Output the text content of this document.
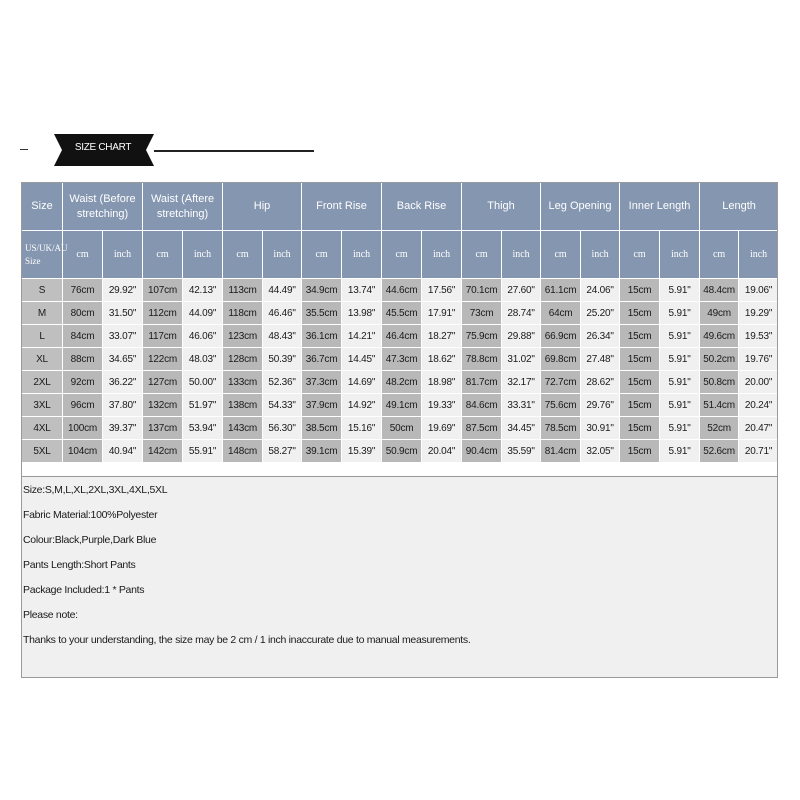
SIZE CHART
Size	Waist (Before stretching)		Waist (Aftere stretching)		Hip		Front Rise		Back Rise		Thigh		Leg Opening		Inner Length		Length	
US/UK/AU Size	cm	inch	cm	inch	cm	inch	cm	inch	cm	inch	cm	inch	cm	inch	cm	inch	cm	inch
S	76cm	29.92"	107cm	42.13"	113cm	44.49"	34.9cm	13.74"	44.6cm	17.56"	70.1cm	27.60"	61.1cm	24.06"	15cm	5.91"	48.4cm	19.06"
M	80cm	31.50"	112cm	44.09"	118cm	46.46"	35.5cm	13.98"	45.5cm	17.91"	73cm	28.74"	64cm	25.20"	15cm	5.91"	49cm	19.29"
L	84cm	33.07"	117cm	46.06"	123cm	48.43"	36.1cm	14.21"	46.4cm	18.27"	75.9cm	29.88"	66.9cm	26.34"	15cm	5.91"	49.6cm	19.53"
XL	88cm	34.65"	122cm	48.03"	128cm	50.39"	36.7cm	14.45"	47.3cm	18.62"	78.8cm	31.02"	69.8cm	27.48"	15cm	5.91"	50.2cm	19.76"
2XL	92cm	36.22"	127cm	50.00"	133cm	52.36"	37.3cm	14.69"	48.2cm	18.98"	81.7cm	32.17"	72.7cm	28.62"	15cm	5.91"	50.8cm	20.00"
3XL	96cm	37.80"	132cm	51.97"	138cm	54.33"	37.9cm	14.92"	49.1cm	19.33"	84.6cm	33.31"	75.6cm	29.76"	15cm	5.91"	51.4cm	20.24"
4XL	100cm	39.37"	137cm	53.94"	143cm	56.30"	38.5cm	15.16"	50cm	19.69"	87.5cm	34.45"	78.5cm	30.91"	15cm	5.91"	52cm	20.47"
5XL	104cm	40.94"	142cm	55.91"	148cm	58.27"	39.1cm	15.39"	50.9cm	20.04"	90.4cm	35.59"	81.4cm	32.05"	15cm	5.91"	52.6cm	20.71"
Size:S,M,L,XL,2XL,3XL,4XL,5XL
Fabric Material:100%Polyester
Colour:Black,Purple,Dark Blue
Pants Length:Short Pants
Package Included:1 * Pants
Please note:
Thanks to your understanding, the size may be 2 cm / 1 inch inaccurate due to manual measurements.
